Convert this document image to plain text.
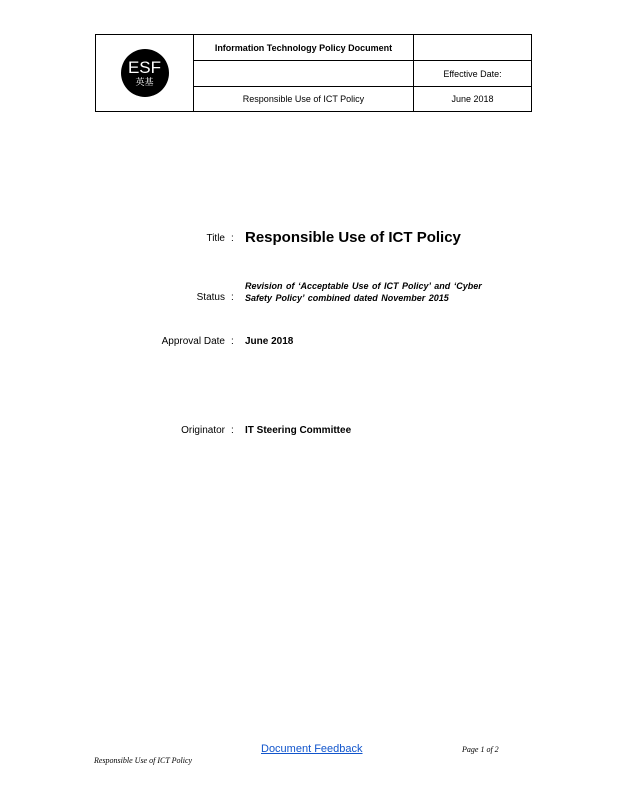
ESF
英基
Information Technology Policy Document
Effective Date:
Responsible Use of ICT Policy	June 2018
Title : Responsible Use of ICT Policy
Status :
Revision of ‘Acceptable Use of ICT Policy’ and ‘Cyber Safety Policy’ combined dated November 2015
Approval Date : June 2018
Originator : IT Steering Committee
Document Feedback	Page 1 of 2
Responsible Use of ICT Policy
